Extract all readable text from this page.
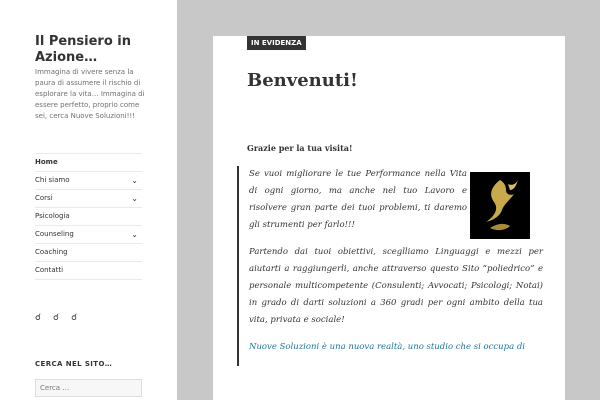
Il Pensiero in Azione…

Immagina di vivere senza la paura di assumere il rischio di esplorare la vita… Immagina di essere perfetto, proprio come sei, cerca Nuove Soluzioni!!!

Home
Chi siamo	⌄
Corsi	⌄
Psicologia
Counseling	⌄
Coaching
Contatti
☌ ☌ ☌

CERCA NEL SITO…

Cerca …
IN EVIDENZA
Benvenuti!

Grazie per la tua visita!

Se vuoi migliorare le tue Performance nella Vita di ogni giorno, ma anche nel tuo Lavoro e risolvere gran parte dei tuoi problemi, ti daremo gli strumenti per farlo!!!

Partendo dai tuoi obiettivi, sceglliamo Linguaggi e mezzi per aiutarti a raggiungerli, anche attraverso questo Sito “poliedrico” e personale multicompetente (Consulenti; Avvocati; Psicologi; Notai) in grado di darti soluzioni a 360 gradi per ogni ambito della tua vita, privata e sociale!

Nuove Soluzioni è una nuova realtà, uno studio che si occupa di
